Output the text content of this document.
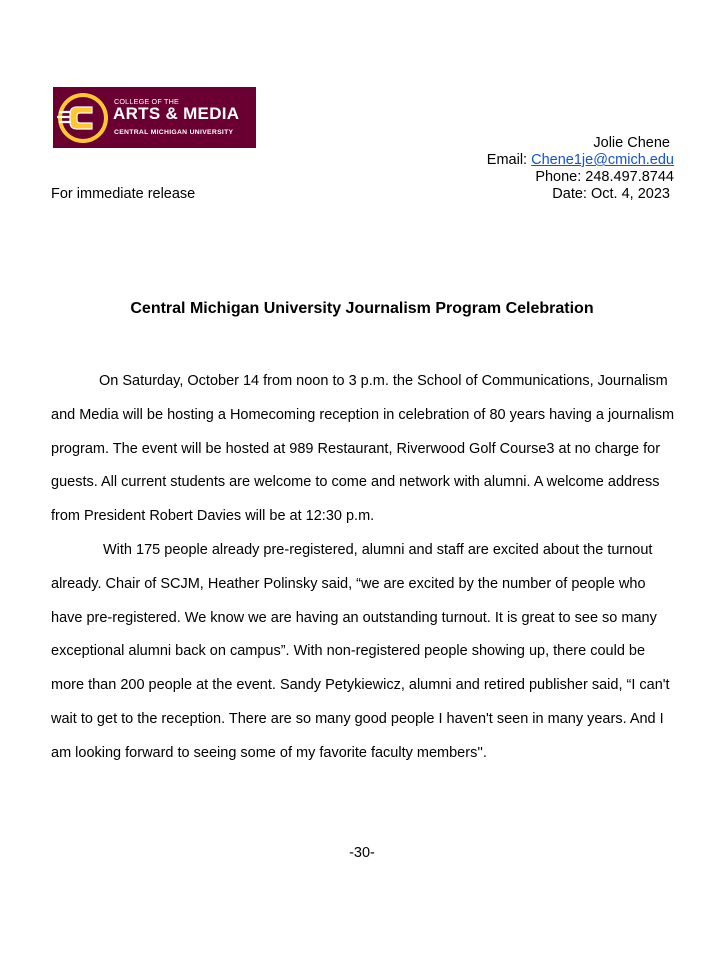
COLLEGE OF THE
ARTS & MEDIA
CENTRAL MICHIGAN UNIVERSITY
Jolie Chene
Email: Chene1je@cmich.edu
Phone: 248.497.8744
Date: Oct. 4, 2023
For immediate release
Central Michigan University Journalism Program Celebration

On Saturday, October 14 from noon to 3 p.m. the School of Communications, Journalism and Media will be hosting a Homecoming reception in celebration of 80 years having a journalism program. The event will be hosted at 989 Restaurant, Riverwood Golf Course3 at no charge for guests. All current students are welcome to come and network with alumni. A welcome address from President Robert Davies will be at 12:30 p.m.

With 175 people already pre-registered, alumni and staff are excited about the turnout already. Chair of SCJM, Heather Polinsky said, “we are excited by the number of people who have pre-registered. We know we are having an outstanding turnout. It is great to see so many exceptional alumni back on campus”. With non-registered people showing up, there could be more than 200 people at the event. Sandy Petykiewicz, alumni and retired publisher said, “I can't wait to get to the reception. There are so many good people I haven't seen in many years. And I am looking forward to seeing some of my favorite faculty members''.

-30-
